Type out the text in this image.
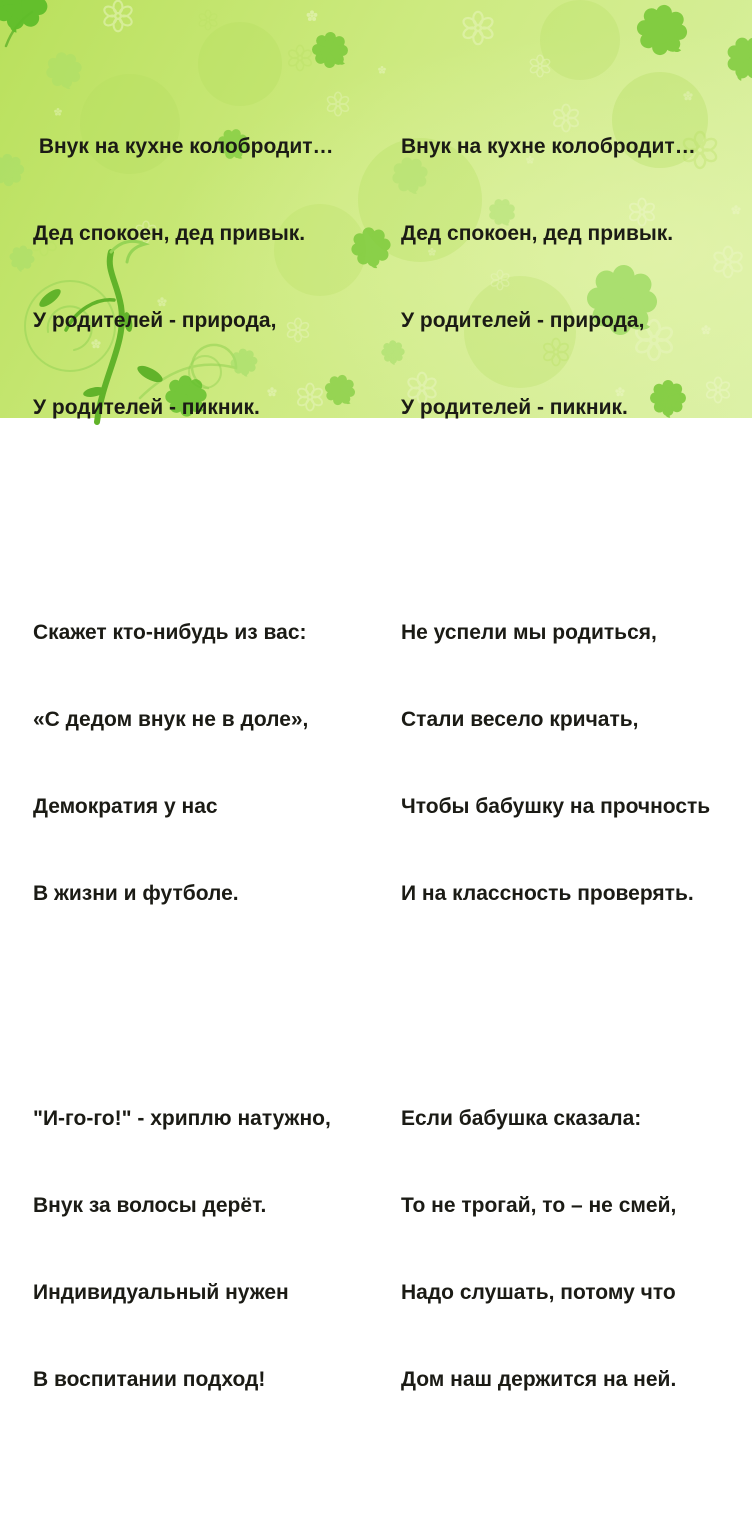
Внук на кухне колобродит…

Дед спокоен, дед привык.

У родителей - природа,

У родителей - пикник.

Скажет кто-нибудь из вас:

«С дедом внук не в доле»,

Демократия у нас

В жизни и футболе.

"И-го-го!" - хриплю натужно,

Внук за волосы дерёт.

Индивидуальный нужен

В воспитании подход!

Внук на кухне колобродит…

Дед спокоен, дед привык.

У родителей - природа,

У родителей - пикник.

Не успели мы родиться,

Стали весело кричать,

Чтобы бабушку на прочность

И на классность проверять.

Если бабушка сказала:

То не трогай, то – не смей,

Надо слушать, потому что

Дом наш держится на ней.
